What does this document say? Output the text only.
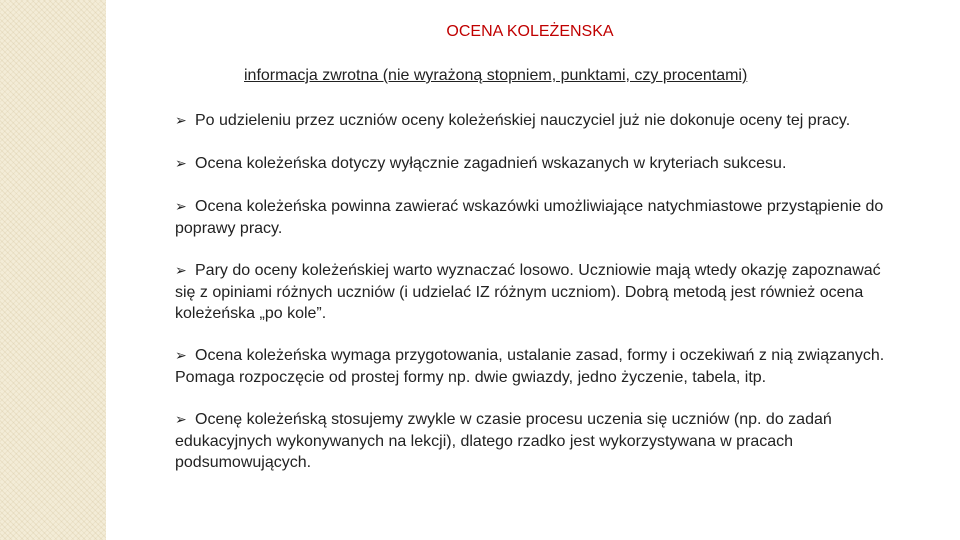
OCENA KOLEŻENSKA
informacja zwrotna (nie wyrażoną stopniem, punktami, czy procentami)
➢ Po udzieleniu przez uczniów oceny koleżeńskiej nauczyciel już nie dokonuje oceny tej pracy.
➢ Ocena koleżeńska dotyczy wyłącznie zagadnień wskazanych w kryteriach sukcesu.
➢ Ocena koleżeńska powinna zawierać wskazówki umożliwiające natychmiastowe przystąpienie do poprawy pracy.
➢ Pary do oceny koleżeńskiej warto wyznaczać losowo. Uczniowie mają wtedy okazję zapoznawać się z opiniami różnych uczniów (i udzielać IZ różnym uczniom). Dobrą metodą jest również ocena koleżeńska „po kole”.
➢ Ocena koleżeńska wymaga przygotowania, ustalanie zasad, formy i oczekiwań z nią związanych. Pomaga rozpoczęcie od prostej formy np. dwie gwiazdy, jedno życzenie, tabela, itp.
➢ Ocenę koleżeńską stosujemy zwykle w czasie procesu uczenia się uczniów (np. do zadań edukacyjnych wykonywanych na lekcji), dlatego rzadko jest wykorzystywana w pracach podsumowujących.
